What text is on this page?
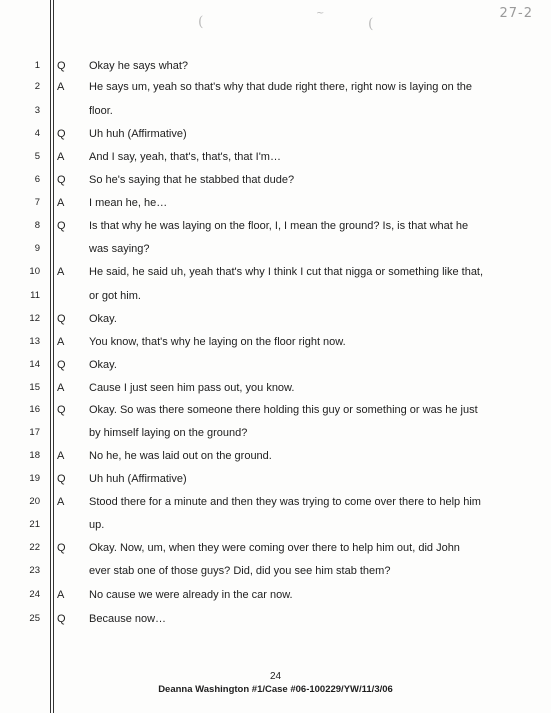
27-2
(	(
~
1 Q	Okay he says what?
2 A	He says um, yeah so that's why that dude right there, right now is laying on the
3	floor.
4 Q	Uh huh (Affirmative)
5 A	And I say, yeah, that's, that's, that I'm…
6 Q	So he's saying that he stabbed that dude?
7 A	I mean he, he…
8 Q	Is that why he was laying on the floor, I, I mean the ground? Is, is that what he
9	was saying?
10 A	He said, he said uh, yeah that's why I think I cut that nigga or something like that,
11	or got him.
12 Q	Okay.
13 A	You know, that's why he laying on the floor right now.
14 Q	Okay.
15 A	Cause I just seen him pass out, you know.
16 Q	Okay. So was there someone there holding this guy or something or was he just
17	by himself laying on the ground?
18 A	No he, he was laid out on the ground.
19 Q	Uh huh (Affirmative)
20 A	Stood there for a minute and then they was trying to come over there to help him
21	up.
22 Q	Okay. Now, um, when they were coming over there to help him out, did John
23	ever stab one of those guys? Did, did you see him stab them?
24 A	No cause we were already in the car now.
25 Q	Because now…
24
Deanna Washington #1/Case #06-100229/YW/11/3/06
